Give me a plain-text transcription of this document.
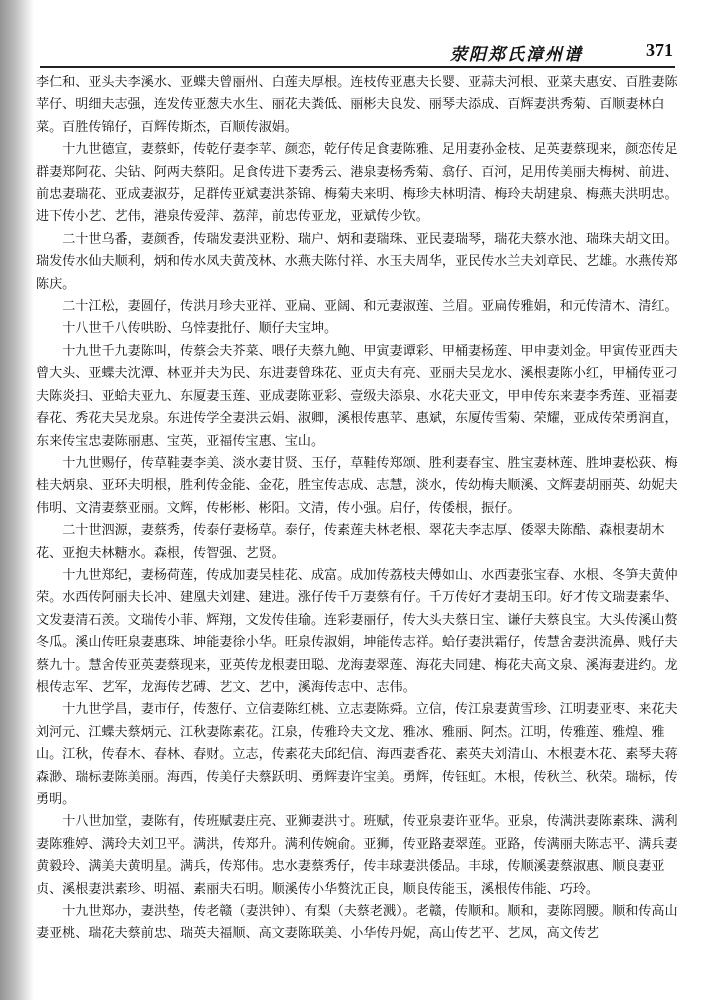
荥阳郑氏漳州谱	371

李仁和、亚头夫李溪水、亚蝶夫曾丽州、白莲夫厚根。连枝传亚惠夫长婴、亚蒜夫河根、亚菜夫惠安、百胜妻陈苹仔、明细夫志强，连发传亚葱夫水生、丽花夫粪低、丽彬夫良发、丽琴夫添成、百辉妻洪秀菊、百顺妻林白菜。百胜传锦仔，百辉传斯杰，百顺传淑娟。

十九世德宣，妻蔡虾，传乾仔妻李苹、颜恋，乾仔传足食妻陈雅、足用妻孙金枝、足英妻蔡现来，颜恋传足群妻郑阿花、尖钻、阿两夫蔡阳。足食传进下妻秀云、港泉妻杨秀菊、翕仔、百河，足用传美丽夫梅树、前进、前忠妻瑞花、亚成妻淑芬，足群传亚斌妻洪茶锦、梅菊夫来明、梅珍夫林明清、梅玲夫胡建泉、梅燕夫洪明忠。进下传小艺、艺伟，港泉传爱萍、荔萍，前忠传亚龙，亚斌传少钦。

二十世乌番，妻颜香，传瑞发妻洪亚粉、瑞户、炳和妻瑞珠、亚民妻瑞琴，瑞花夫蔡水池、瑞珠夫胡文田。瑞发传水仙夫顺利，炳和传水凤夫黄茂林、水燕夫陈付祥、水玉夫周华，亚民传水兰夫刘章民、艺雄。水燕传郑陈庆。

二十江松，妻圆仔，传洪月珍夫亚祥、亚扁、亚阔、和元妻淑莲、兰眉。亚扁传雅娟，和元传清木、清红。

十八世千八传哄盼、乌悻妻批仔、顺仔夫宝坤。

十九世千九妻陈叫，传蔡会夫芥菜、喂仔夫蔡九鲍、甲寅妻谭彩、甲桶妻杨莲、甲申妻刘金。甲寅传亚西夫曾大头、亚蝶夫沈潭、林亚并夫为民、东进妻曾珠花、亚贞夫有亮、亚丽夫吴龙水、溪根妻陈小红，甲桶传亚刁夫陈炎扫、亚蛤夫亚九、东厦妻玉莲、亚成妻陈亚彩、壹级夫添泉、水花夫亚文，甲申传东来妻李秀莲、亚福妻春花、秀花夫吴龙泉。东进传学全妻洪云娟、淑卿，溪根传惠苹、惠斌，东厦传雪菊、荣耀，亚成传荣勇润直，东来传宝忠妻陈丽惠、宝英，亚福传宝惠、宝山。

十九世赐仔，传草鞋妻李美、淡水妻甘贤、玉仔，草鞋传郑颂、胜利妻春宝、胜宝妻林莲、胜坤妻松荻、梅桂夫炳泉、亚环夫明根，胜利传金能、金花，胜宝传志成、志慧，淡水，传幼梅夫顺溪、文辉妻胡丽英、幼妮夫伟明、文清妻蔡亚丽。文辉，传彬彬、彬阳。文清，传小强。启仔，传倭根，振仔。

二十世泗源，妻蔡秀，传泰仔妻杨草。泰仔，传素莲夫林老根、翠花夫李志厚、倭翠夫陈酷、森根妻胡木花、亚抱夫林糖水。森根，传智强、艺贤。

十九世郑纪，妻杨荷莲，传成加妻吴桂花、成富。成加传荔枝夫傅如山、水西妻张宝春、水根、冬笋夫黄仲荣。水西传阿丽夫长冲、建凰夫刘建、建进。涨仔传千万妻蔡有仔。千万传好才妻胡玉印。好才传文瑞妻素华、文发妻清石羡。文瑞传小菲、辉翔，文发传佳瑜。连彩妻丽仔，传大头夫蔡日宝、谦仔夫蔡良宝。大头传溪山赘冬瓜。溪山传旺泉妻惠珠、坤能妻徐小华。旺泉传淑娟，坤能传志祥。蛤仔妻洪霜仔，传慧舍妻洪流鼻、贱仔夫蔡九十。慧舍传亚英妻蔡现来，亚英传龙根妻田聪、龙海妻翠莲、海花夫同建、梅花夫高文泉、溪海妻进约。龙根传志军、艺军，龙海传艺磗、艺文、艺中，溪海传志中、志伟。

十九世学昌，妻市仔，传葱仔、立信妻陈红桃、立志妻陈舜。立信，传江泉妻黄雪珍、江明妻亚枣、来花夫刘河元、江蝶夫蔡炳元、江秋妻陈素花。江泉，传雅玲夫文龙、雅冰、雅丽、阿杰。江明，传雅莲、雅煌、雅山。江秋，传春木、春林、春财。立志，传素花夫邱纪信、海西妻香花、素英夫刘清山、木根妻木花、素琴夫蒋森渺、瑞标妻陈美丽。海西，传美仔夫蔡跃明、勇辉妻许宝美。勇辉，传钰虹。木根，传秋兰、秋荣。瑞标，传勇明。

十八世加堂，妻陈有，传班赋妻庄亮、亚狮妻洪寸。班赋，传亚泉妻许亚华。亚泉，传满洪妻陈素珠、满利妻陈雅婷、满玲夫刘卫平。满洪，传郑升。满利传婉俞。亚狮，传亚路妻翠莲。亚路，传满丽夫陈志平、满兵妻黄毅玲、满美夫黄明星。满兵，传郑伟。忠水妻蔡秀仔，传丰球妻洪倭品。丰球，传顺溪妻蔡淑惠、顺良妻亚贞、溪根妻洪素珍、明福、素丽夫石明。顺溪传小华赘沈正良，顺良传能玉，溪根传伟能、巧玲。

十九世郑办，妻洪垫，传老赣（妻洪钟）、有梨（夫蔡老溅）。老赣，传顺和。顺和，妻陈罔腰。顺和传高山妻亚桃、瑞花夫蔡前忠、瑞英夫福顺、高文妻陈联美、小华传丹妮，高山传艺平、艺凤，高文传艺
